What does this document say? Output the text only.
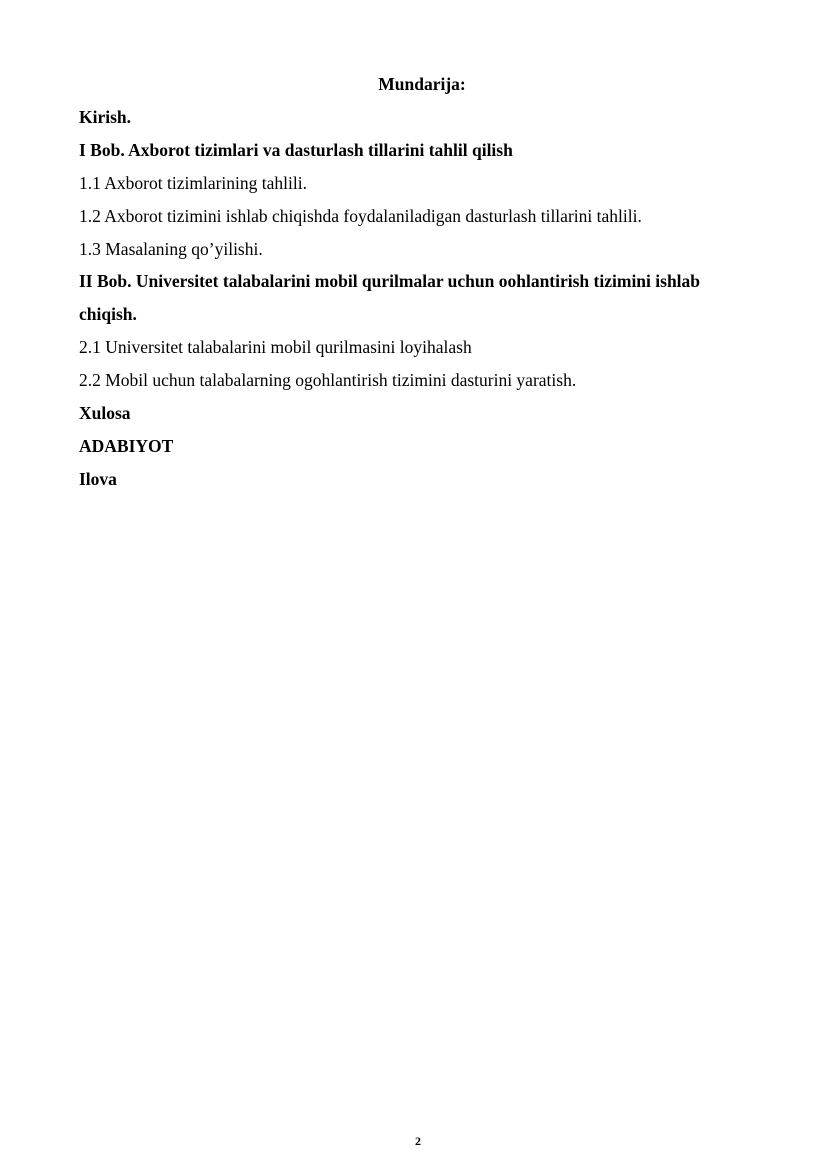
Mundarija:
Kirish.
I Bob. Axborot tizimlari va dasturlash tillarini tahlil qilish
1.1 Axborot tizimlarining tahlili.
1.2 Axborot tizimini ishlab chiqishda foydalaniladigan dasturlash tillarini tahlili.
1.3 Masalaning qo’yilishi.
II Bob. Universitet talabalarini mobil qurilmalar uchun oohlantirish tizimini ishlab chiqish.
2.1 Universitet talabalarini mobil qurilmasini loyihalash
2.2 Mobil uchun talabalarning ogohlantirish tizimini dasturini yaratish.
Xulosa
ADABIYOT
Ilova
2
